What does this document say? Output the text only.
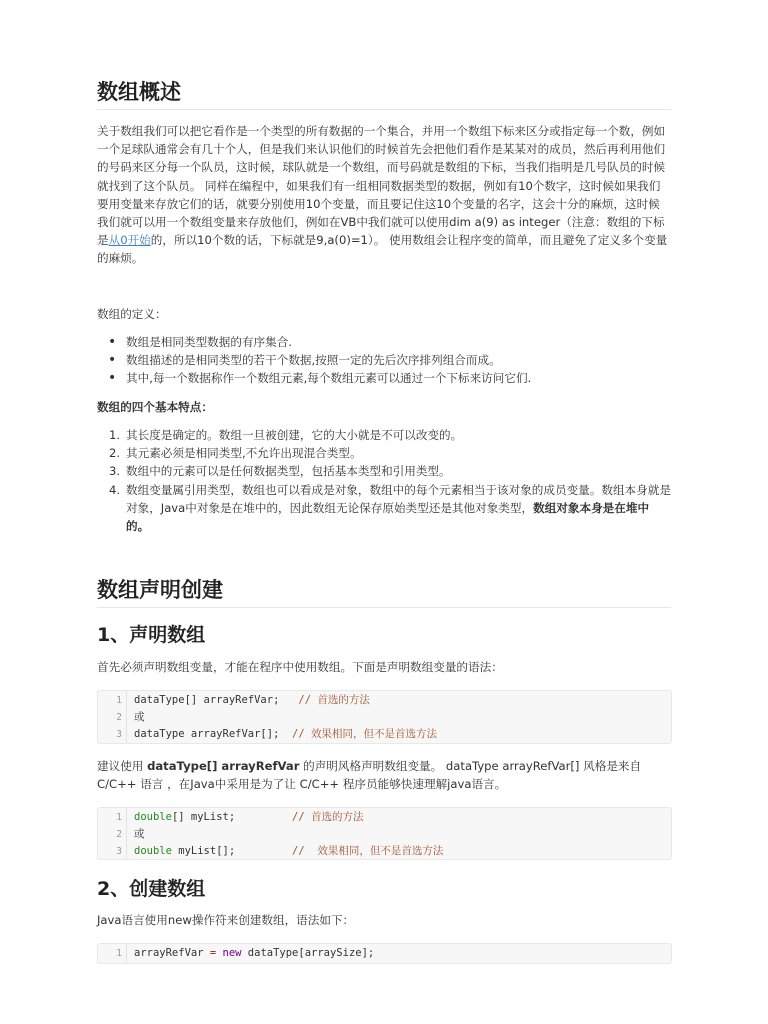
数组概述

关于数组我们可以把它看作是一个类型的所有数据的一个集合，并用一个数组下标来区分或指定每一个数，例如一个足球队通常会有几十个人，但是我们来认识他们的时候首先会把他们看作是某某对的成员，然后再利用他们的号码来区分每一个队员，这时候，球队就是一个数组，而号码就是数组的下标，当我们指明是几号队员的时候就找到了这个队员。 同样在编程中，如果我们有一组相同数据类型的数据，例如有10个数字，这时候如果我们要用变量来存放它们的话，就要分别使用10个变量，而且要记住这10个变量的名字，这会十分的麻烦，这时候我们就可以用一个数组变量来存放他们，例如在VB中我们就可以使用dim a(9) as integer（注意：数组的下标是从0开始的，所以10个数的话，下标就是9,a(0)=1）。 使用数组会让程序变的简单，而且避免了定义多个变量的麻烦。

数组的定义：

• 数组是相同类型数据的有序集合.
• 数组描述的是相同类型的若干个数据,按照一定的先后次序排列组合而成。
• 其中,每一个数据称作一个数组元素,每个数组元素可以通过一个下标来访问它们.

数组的四个基本特点：

1. 其长度是确定的。数组一旦被创建，它的大小就是不可以改变的。
2. 其元素必须是相同类型,不允许出现混合类型。
3. 数组中的元素可以是任何数据类型，包括基本类型和引用类型。
4. 数组变量属引用类型，数组也可以看成是对象，数组中的每个元素相当于该对象的成员变量。数组本身就是对象，Java中对象是在堆中的，因此数组无论保存原始类型还是其他对象类型，数组对象本身是在堆中的。
数组声明创建
1、声明数组

首先必须声明数组变量，才能在程序中使用数组。下面是声明数组变量的语法：

1 dataType[] arrayRefVar;   // 首选的方法
2 或
3 dataType arrayRefVar[];  // 效果相同，但不是首选方法

建议使用 dataType[] arrayRefVar 的声明风格声明数组变量。 dataType arrayRefVar[] 风格是来自 C/C++ 语言 ，在Java中采用是为了让 C/C++ 程序员能够快速理解java语言。

1 double[] myList;         // 首选的方法
2 或
3 double myList[];         //  效果相同，但不是首选方法
2、创建数组

Java语言使用new操作符来创建数组，语法如下：

1 arrayRefVar = new dataType[arraySize];
